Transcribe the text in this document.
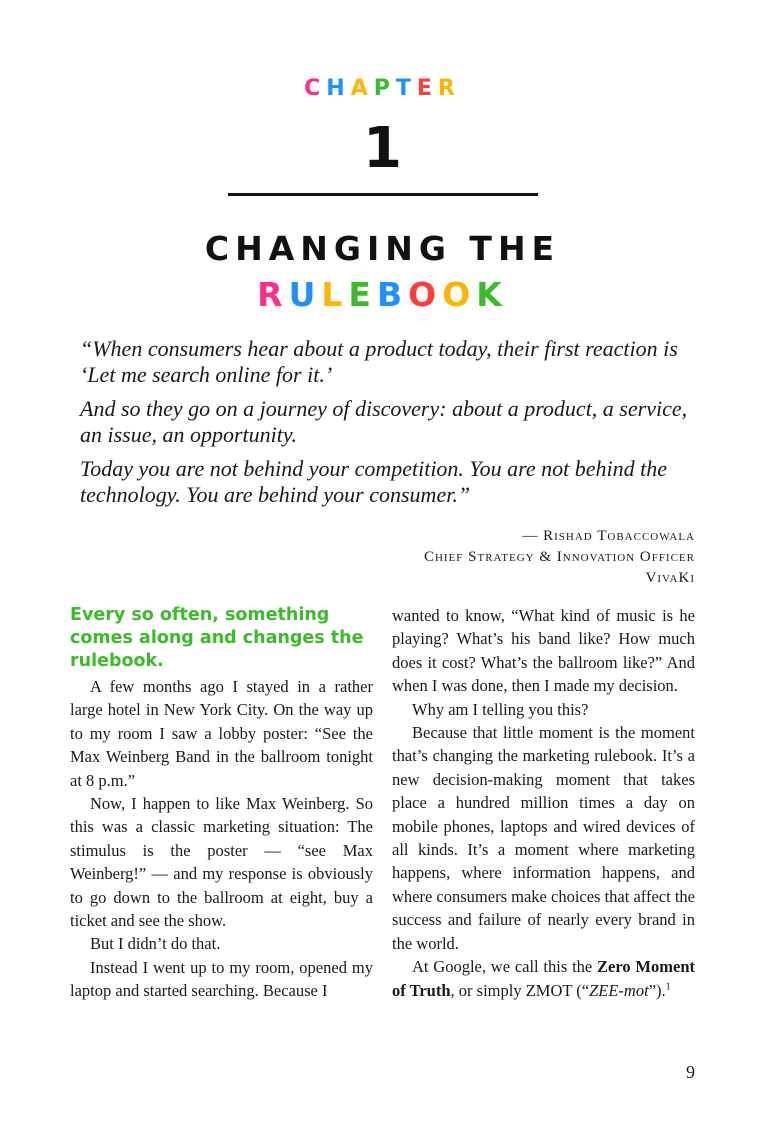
CHAPTER
1
CHANGING THE
RULEBOOK

“When consumers hear about a product today, their first reaction is ‘Let me search online for it.’

And so they go on a journey of discovery: about a product, a service, an issue, an opportunity.

Today you are not behind your competition. You are not behind the technology. You are behind your consumer.”

— Rishad Tobaccowala
Chief Strategy & Innovation Officer
VivaKi
Every so often, something comes along and changes the rulebook.

A few months ago I stayed in a rather large hotel in New York City. On the way up to my room I saw a lobby poster: “See the Max Weinberg Band in the ballroom tonight at 8 p.m.”

Now, I happen to like Max Weinberg. So this was a classic marketing situation: The stimulus is the poster — “see Max Weinberg!” — and my response is obviously to go down to the ballroom at eight, buy a ticket and see the show.

But I didn’t do that.

Instead I went up to my room, opened my laptop and started searching. Because I

wanted to know, “What kind of music is he playing? What’s his band like? How much does it cost? What’s the ballroom like?” And when I was done, then I made my decision.

Why am I telling you this?

Because that little moment is the moment that’s changing the marketing rulebook. It’s a new decision-making moment that takes place a hundred million times a day on mobile phones, laptops and wired devices of all kinds. It’s a moment where marketing happens, where information happens, and where consumers make choices that affect the success and failure of nearly every brand in the world.

At Google, we call this the Zero Moment of Truth, or simply ZMOT (“ZEE-mot”).$^1$

9
